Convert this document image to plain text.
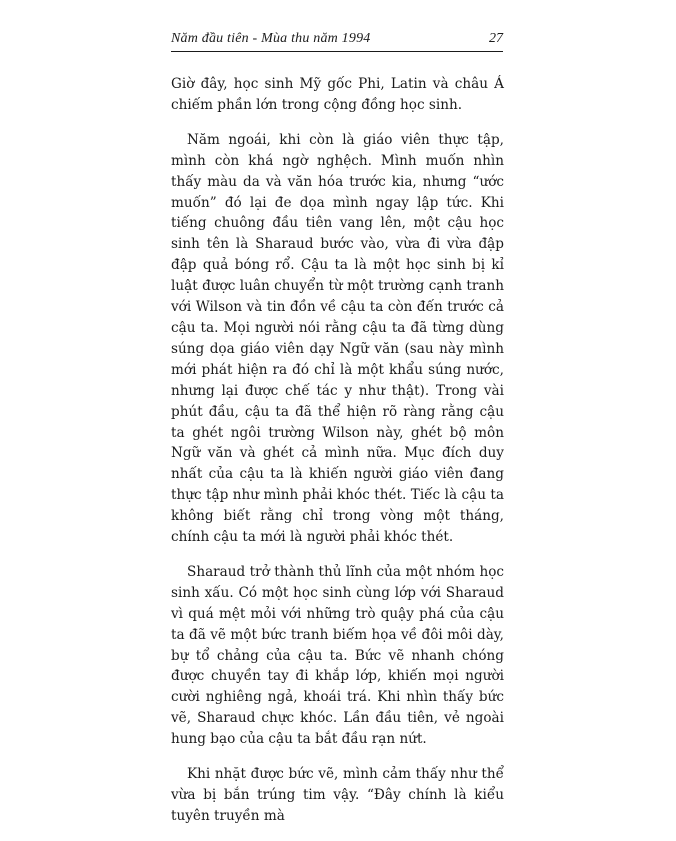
Năm đầu tiên - Mùa thu năm 1994	27

Giờ đây, học sinh Mỹ gốc Phi, Latin và châu Á chiếm phần lớn trong cộng đồng học sinh.

Năm ngoái, khi còn là giáo viên thực tập, mình còn khá ngờ nghệch. Mình muốn nhìn thấy màu da và văn hóa trước kia, nhưng “ước muốn” đó lại đe dọa mình ngay lập tức. Khi tiếng chuông đầu tiên vang lên, một cậu học sinh tên là Sharaud bước vào, vừa đi vừa đập đập quả bóng rổ. Cậu ta là một học sinh bị kỉ luật được luân chuyển từ một trường cạnh tranh với Wilson và tin đồn về cậu ta còn đến trước cả cậu ta. Mọi người nói rằng cậu ta đã từng dùng súng dọa giáo viên dạy Ngữ văn (sau này mình mới phát hiện ra đó chỉ là một khẩu súng nước, nhưng lại được chế tác y như thật). Trong vài phút đầu, cậu ta đã thể hiện rõ ràng rằng cậu ta ghét ngôi trường Wilson này, ghét bộ môn Ngữ văn và ghét cả mình nữa. Mục đích duy nhất của cậu ta là khiến người giáo viên đang thực tập như mình phải khóc thét. Tiếc là cậu ta không biết rằng chỉ trong vòng một tháng, chính cậu ta mới là người phải khóc thét.

Sharaud trở thành thủ lĩnh của một nhóm học sinh xấu. Có một học sinh cùng lớp với Sharaud vì quá mệt mỏi với những trò quậy phá của cậu ta đã vẽ một bức tranh biếm họa về đôi môi dày, bự tổ chảng của cậu ta. Bức vẽ nhanh chóng được chuyền tay đi khắp lớp, khiến mọi người cười nghiêng ngả, khoái trá. Khi nhìn thấy bức vẽ, Sharaud chực khóc. Lần đầu tiên, vẻ ngoài hung bạo của cậu ta bắt đầu rạn nứt.

Khi nhặt được bức vẽ, mình cảm thấy như thể vừa bị bắn trúng tim vậy. “Đây chính là kiểu tuyên truyền mà
